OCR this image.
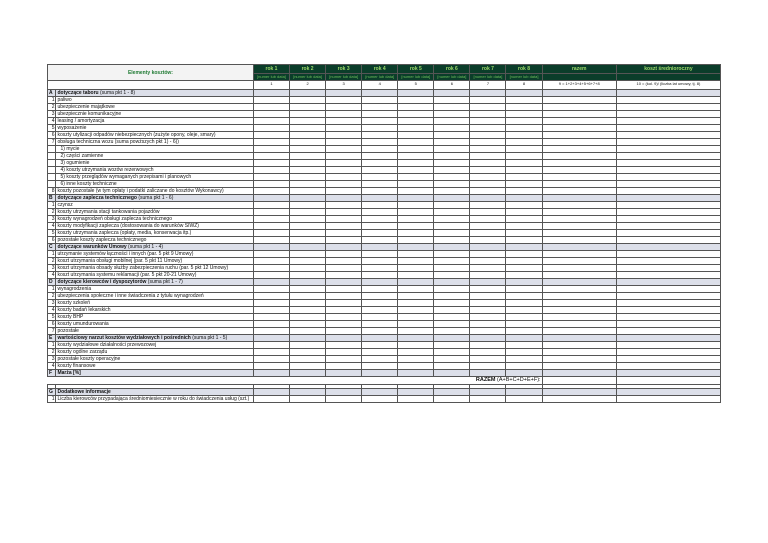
Elementy kosztów:		rok 1	rok 2	rok 3	rok 4	rok 5	rok 6	rok 7	rok 8	razem	koszt średnioroczny
		[numer lub data]	[numer lub data]	[numer lub data]	[numer lub data]	[numer lub data]	[numer lub data]	[numer lub data]	[numer lub data]		
		1	2	3	4	5	6	7	8	9 = 1+2+3+4+5+6+7+8	10 = (kol. 9)/ (liczba lat umowy, tj. 8)
A	dotyczące taboru (suma pkt 1 - 8)										
1	paliwo										
2	ubezpieczenie majątkowe										
3	ubezpiecznie komunikacyjne										
4	leasing / amortyzacja										
5	wyposażenie										
6	koszty utylizacji odpadów niebezpiecznych (zużyte opony, oleje, smary)										
7	obsługa techniczna wozu (suma powższych pkt 1) - 6))										
	1) mycie										
	2) części zamienne										
	3) ogumienie										
	4) koszty utrzymania wozów rezerwowych										
	5) koszty przeglądów wymaganych przepisami i planowych										
	6) inne koszty techniczne										
8	koszty pozostałe (w tym opłaty i podatki zaliczane do kosztów Wykonawcy)										
B	dotyczące zaplecza technicznego (suma pkt 1 - 6)										
1	czynsz										
2	koszty utrzymania stacji tankowania pojazdów										
3	koszty wynagrodzeń obsługi zaplecza technicznego										
4	koszty modyfikacji zaplecza (dostosowania do warunków SIWZ)										
5	koszty utrzymania zaplecza (opłaty, media, konserwacja itp.)										
6	pozostałe koszty zaplecza technicznego										
C	dotyczące warunków Umowy (suma pkt 1 - 4)										
1	utrzymanie systemów łączności i innych (par. 5 pkt 9 Umowy)										
2	koszt utrzymania obsługi mobilnej (par. 5 pkt 11 Umowy)										
3	koszt utrzymania obsady służby zabezpieczenia ruchu (par. 5 pkt 12 Umowy)										
4	koszt utrzymania systemu reklamacji (par. 5 pkt 20-21 Umowy)										
D	dotyczące kierowców i dyspozytorów (suma pkt 1 - 7)										
1	wynagrodzenia										
2	ubezpieczenia społeczne i inne świadczenia z tytułu wynagrodzeń										
3	koszty szkoleń										
4	koszty badań lekarskich										
5	koszty BHP										
6	koszty umundurowania										
7	pozostałe										
E	wartościowy narzut kosztów wydziałowych i pośrednich (suma pkt 1 - 5)										
1	koszty wydziałowe działalności przewozowej										
2	koszty ogólne zarządu										
3	pozostałe koszty operacyjne										
4	koszty finansowe										
F	Marża [%]										
RAZEM (A+B+C+D+E+F):											

G	Dodatkowe informacje										
1	Liczba kierowców przypadająca średniomiesiecznie w roku do świadczenia usług (szt.)										
